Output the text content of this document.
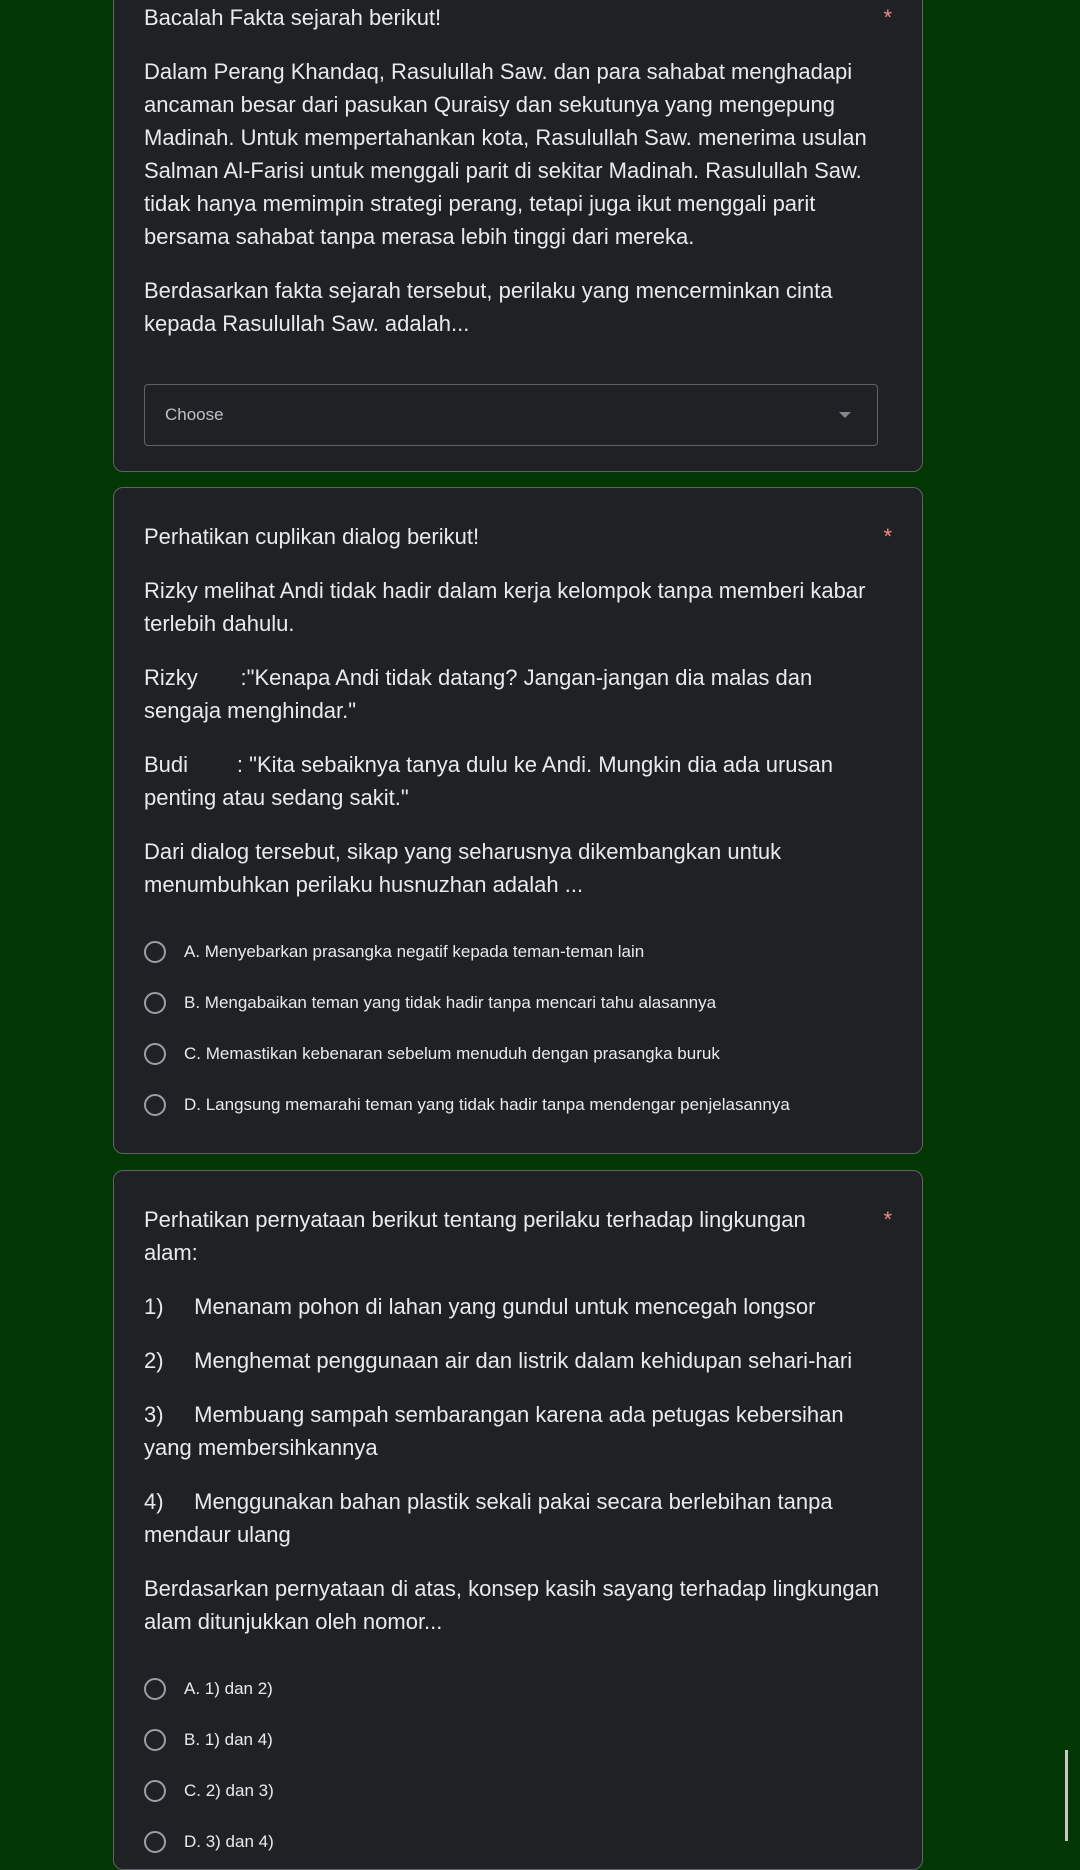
Bacalah Fakta sejarah berikut!	*

Dalam Perang Khandaq, Rasulullah Saw. dan para sahabat menghadapi ancaman besar dari pasukan Quraisy dan sekutunya yang mengepung Madinah. Untuk mempertahankan kota, Rasulullah Saw. menerima usulan Salman Al-Farisi untuk menggali parit di sekitar Madinah. Rasulullah Saw. tidak hanya memimpin strategi perang, tetapi juga ikut menggali parit bersama sahabat tanpa merasa lebih tinggi dari mereka.

Berdasarkan fakta sejarah tersebut, perilaku yang mencerminkan cinta kepada Rasulullah Saw. adalah...

Choose
Perhatikan cuplikan dialog berikut!	*

Rizky melihat Andi tidak hadir dalam kerja kelompok tanpa memberi kabar terlebih dahulu.

Rizky       :"Kenapa Andi tidak datang? Jangan-jangan dia malas dan sengaja menghindar."

Budi        : "Kita sebaiknya tanya dulu ke Andi. Mungkin dia ada urusan penting atau sedang sakit."

Dari dialog tersebut, sikap yang seharusnya dikembangkan untuk menumbuhkan perilaku husnuzhan adalah ...

A. Menyebarkan prasangka negatif kepada teman-teman lain
B. Mengabaikan teman yang tidak hadir tanpa mencari tahu alasannya
C. Memastikan kebenaran sebelum menuduh dengan prasangka buruk
D. Langsung memarahi teman yang tidak hadir tanpa mendengar penjelasannya
Perhatikan pernyataan berikut tentang perilaku terhadap lingkungan alam:
*

1)     Menanam pohon di lahan yang gundul untuk mencegah longsor

2)     Menghemat penggunaan air dan listrik dalam kehidupan sehari-hari

3)     Membuang sampah sembarangan karena ada petugas kebersihan yang membersihkannya

4)     Menggunakan bahan plastik sekali pakai secara berlebihan tanpa mendaur ulang

Berdasarkan pernyataan di atas, konsep kasih sayang terhadap lingkungan alam ditunjukkan oleh nomor...

A. 1) dan 2)
B. 1) dan 4)
C. 2) dan 3)
D. 3) dan 4)
